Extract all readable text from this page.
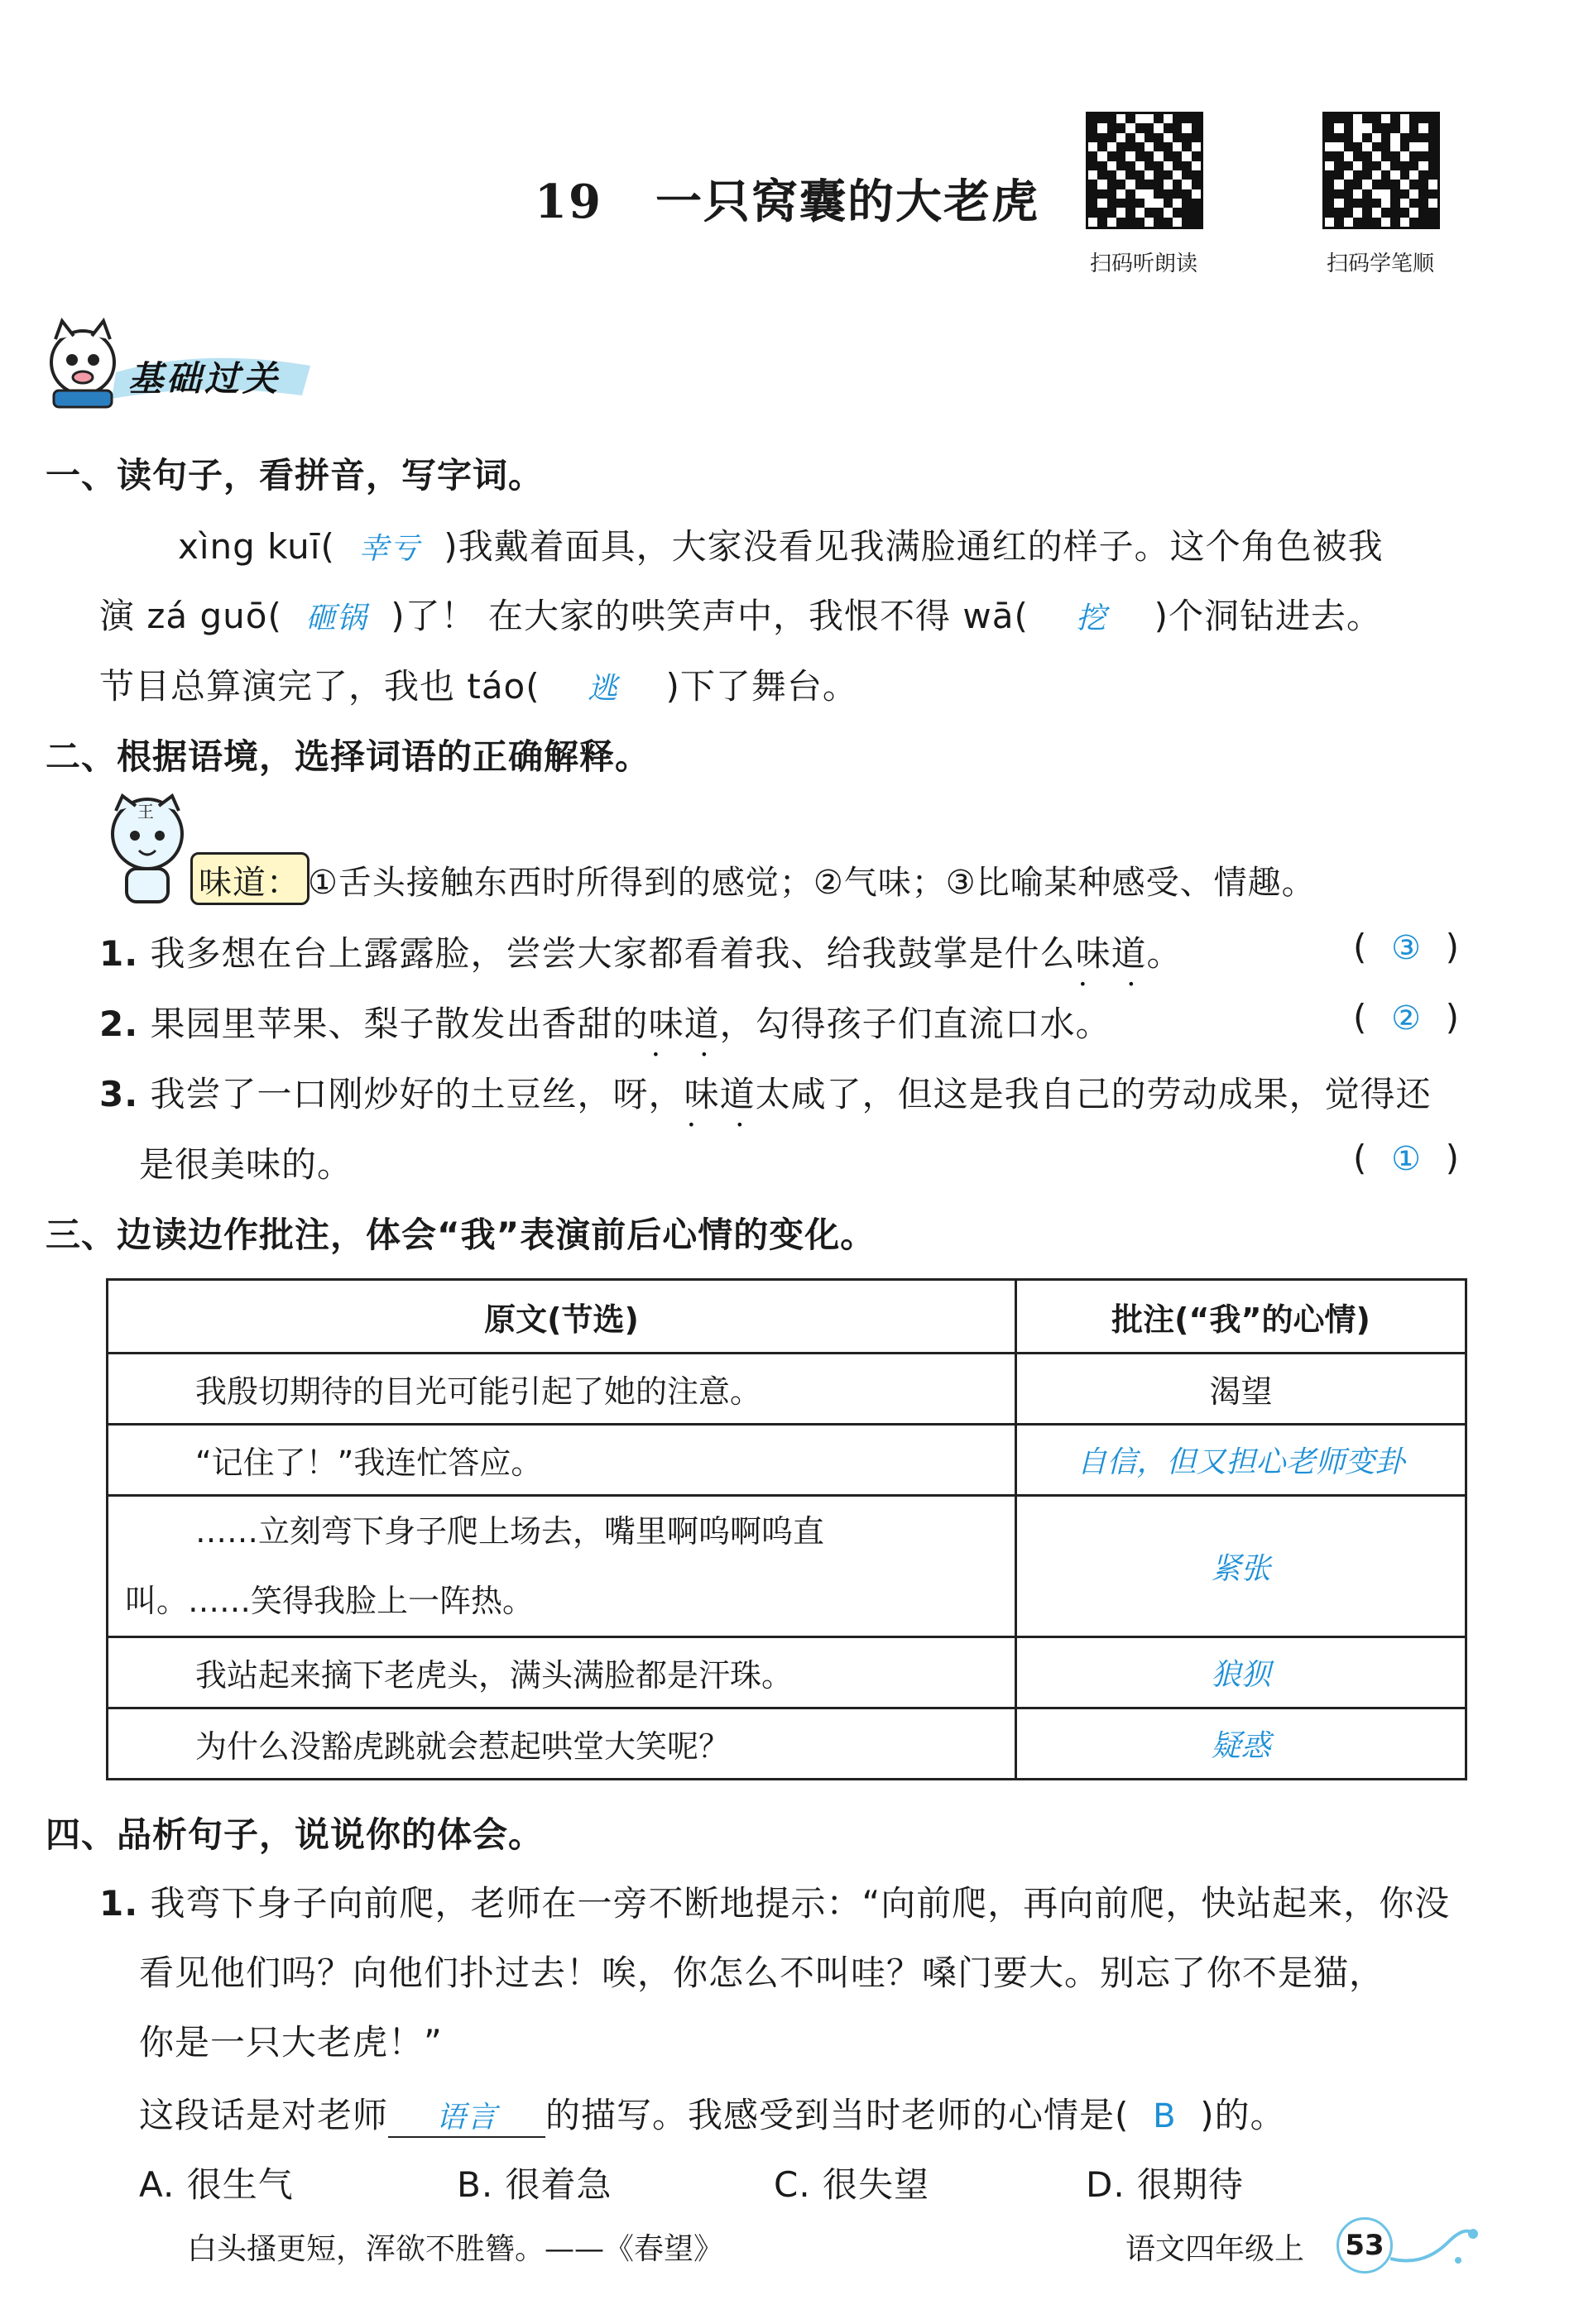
19 一只窝囊的大老虎
扫码听朗读	扫码学笔顺
基础过关
一、读句子，看拼音，写字词。
xìng kuī( 幸亏 )我戴着面具，大家没看见我满脸通红的样子。这个角色被我
演 zá guō( 砸锅 )了！ 在大家的哄笑声中，我恨不得 wā( 挖 )个洞钻进去。
节目总算演完了，我也 táo( 逃 )下了舞台。
二、根据语境，选择词语的正确解释。
王
味道： ①舌头接触东西时所得到的感觉；②气味；③比喻某种感受、情趣。
1. 我多想在台上露露脸，尝尝大家都看着我、给我鼓掌是什么味道 • •。	(  ③  )
2. 果园里苹果、梨子散发出香甜的味道 • •，勾得孩子们直流口水。	(  ②  )
3. 我尝了一口刚炒好的土豆丝，呀，味道 • •太咸了，但这是我自己的劳动成果，觉得还
是很美味的。	(  ①  )
三、边读边作批注，体会“我”表演前后心情的变化。
原文(节选)	批注(“我”的心情)
我殷切期待的目光可能引起了她的注意。	渴望
“记住了！”我连忙答应。	自信，但又担心老师变卦

……立刻弯下身子爬上场去，嘴里啊呜啊呜直
叫。……笑得我脸上一阵热。	紧张
我站起来摘下老虎头，满头满脸都是汗珠。	狼狈
为什么没豁虎跳就会惹起哄堂大笑呢？	疑惑
四、品析句子，说说你的体会。
1. 我弯下身子向前爬，老师在一旁不断地提示：“向前爬，再向前爬，快站起来，你没
看见他们吗？向他们扑过去！唉，你怎么不叫哇？嗓门要大。别忘了你不是猫，
你是一只大老虎！”
这段话是对老师 语言 的描写。我感受到当时老师的心情是( B )的。
A. 很生气	B. 很着急	C. 很失望	D. 很期待
白头搔更短，浑欲不胜簪。——《春望》	语文四年级上	53
